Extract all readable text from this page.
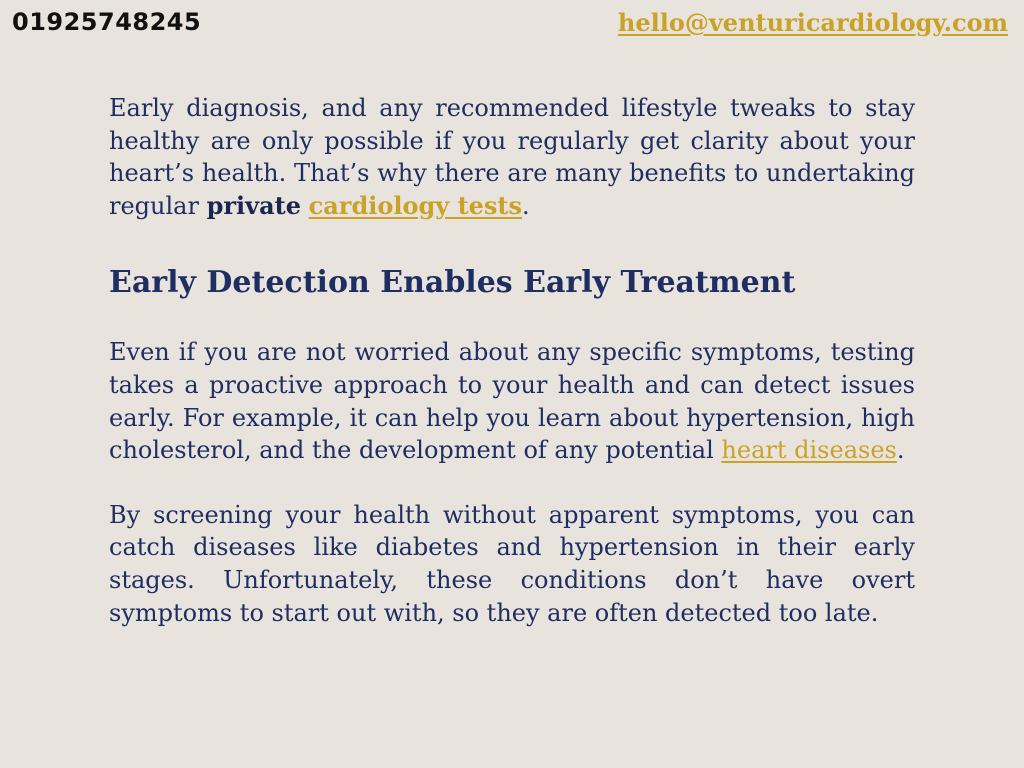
01925748245	hello@venturicardiology.com

Early diagnosis, and any recommended lifestyle tweaks to stay healthy are only possible if you regularly get clarity about your heart’s health. That’s why there are many benefits to undertaking regular private cardiology tests.

Early Detection Enables Early Treatment

Even if you are not worried about any specific symptoms, testing takes a proactive approach to your health and can detect issues early. For example, it can help you learn about hypertension, high cholesterol, and the development of any potential heart diseases.

By screening your health without apparent symptoms, you can catch diseases like diabetes and hypertension in their early stages. Unfortunately, these conditions don’t have overt symptoms to start out with, so they are often detected too late.
